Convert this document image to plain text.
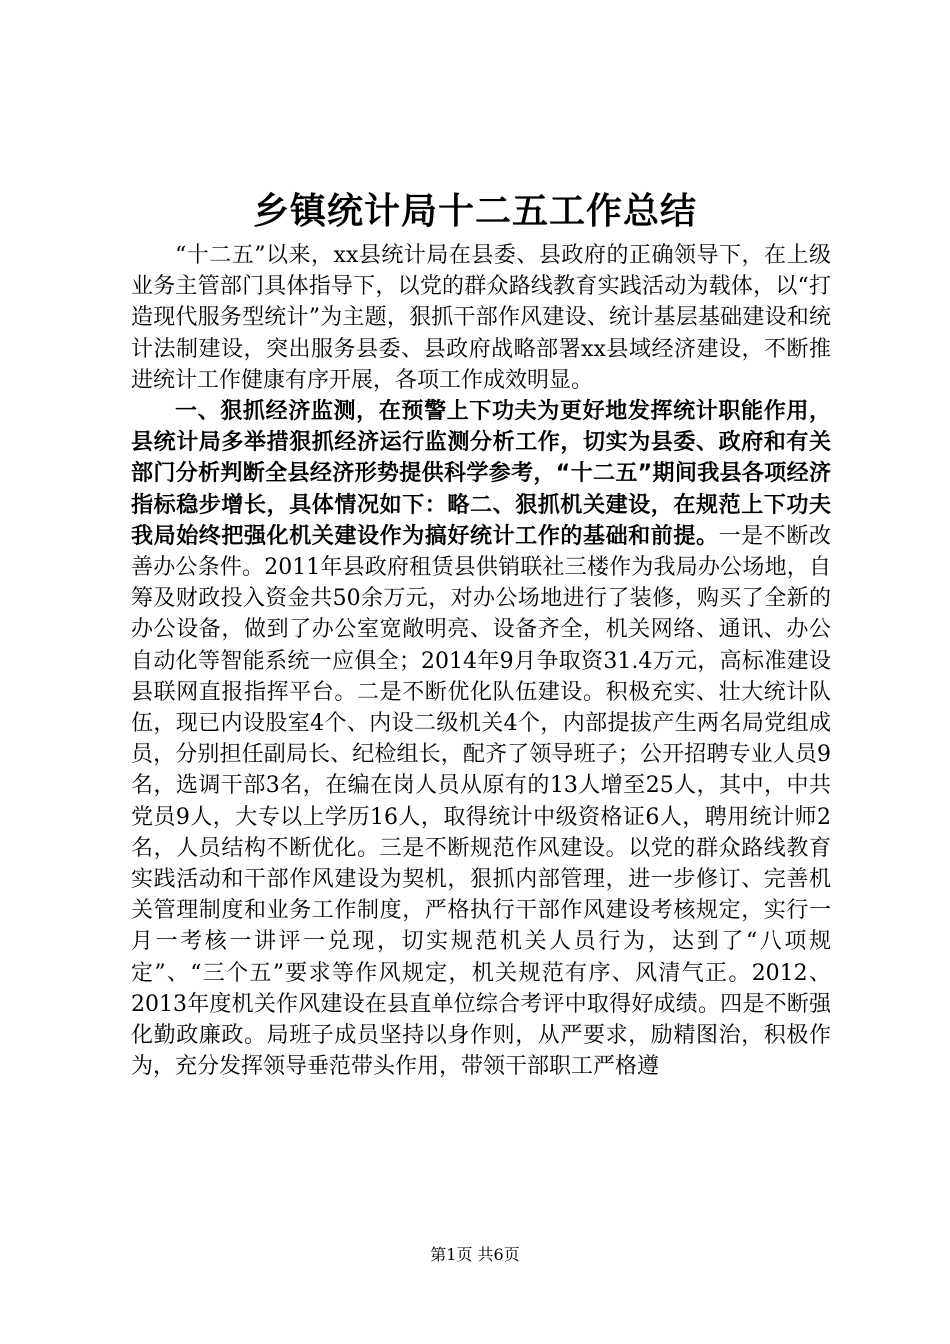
乡镇统计局十二五工作总结

“十二五”以来，xx县统计局在县委、县政府的正确领导下，在上级业务主管部门具体指导下，以党的群众路线教育实践活动为载体，以“打造现代服务型统计”为主题，狠抓干部作风建设、统计基层基础建设和统计法制建设，突出服务县委、县政府战略部署xx县域经济建设，不断推进统计工作健康有序开展，各项工作成效明显。

一、狠抓经济监测，在预警上下功夫为更好地发挥统计职能作用，县统计局多举措狠抓经济运行监测分析工作，切实为县委、政府和有关部门分析判断全县经济形势提供科学参考，“十二五”期间我县各项经济指标稳步增长，具体情况如下：略二、狠抓机关建设，在规范上下功夫我局始终把强化机关建设作为搞好统计工作的基础和前提。一是不断改善办公条件。2011年县政府租赁县供销联社三楼作为我局办公场地，自筹及财政投入资金共50余万元，对办公场地进行了装修，购买了全新的办公设备，做到了办公室宽敞明亮、设备齐全，机关网络、通讯、办公自动化等智能系统一应俱全；2014年9月争取资31.4万元，高标准建设县联网直报指挥平台。二是不断优化队伍建设。积极充实、壮大统计队伍，现已内设股室4个、内设二级机关4个，内部提拔产生两名局党组成员，分别担任副局长、纪检组长，配齐了领导班子；公开招聘专业人员9名，选调干部3名，在编在岗人员从原有的13人增至25人，其中，中共党员9人，大专以上学历16人，取得统计中级资格证6人，聘用统计师2名，人员结构不断优化。三是不断规范作风建设。以党的群众路线教育实践活动和干部作风建设为契机，狠抓内部管理，进一步修订、完善机关管理制度和业务工作制度，严格执行干部作风建设考核规定，实行一月一考核一讲评一兑现，切实规范机关人员行为，达到了“八项规定”、“三个五”要求等作风规定，机关规范有序、风清气正。2012、2013年度机关作风建设在县直单位综合考评中取得好成绩。四是不断强化勤政廉政。局班子成员坚持以身作则，从严要求，励精图治，积极作为，充分发挥领导垂范带头作用，带领干部职工严格遵

第1页 共6页
